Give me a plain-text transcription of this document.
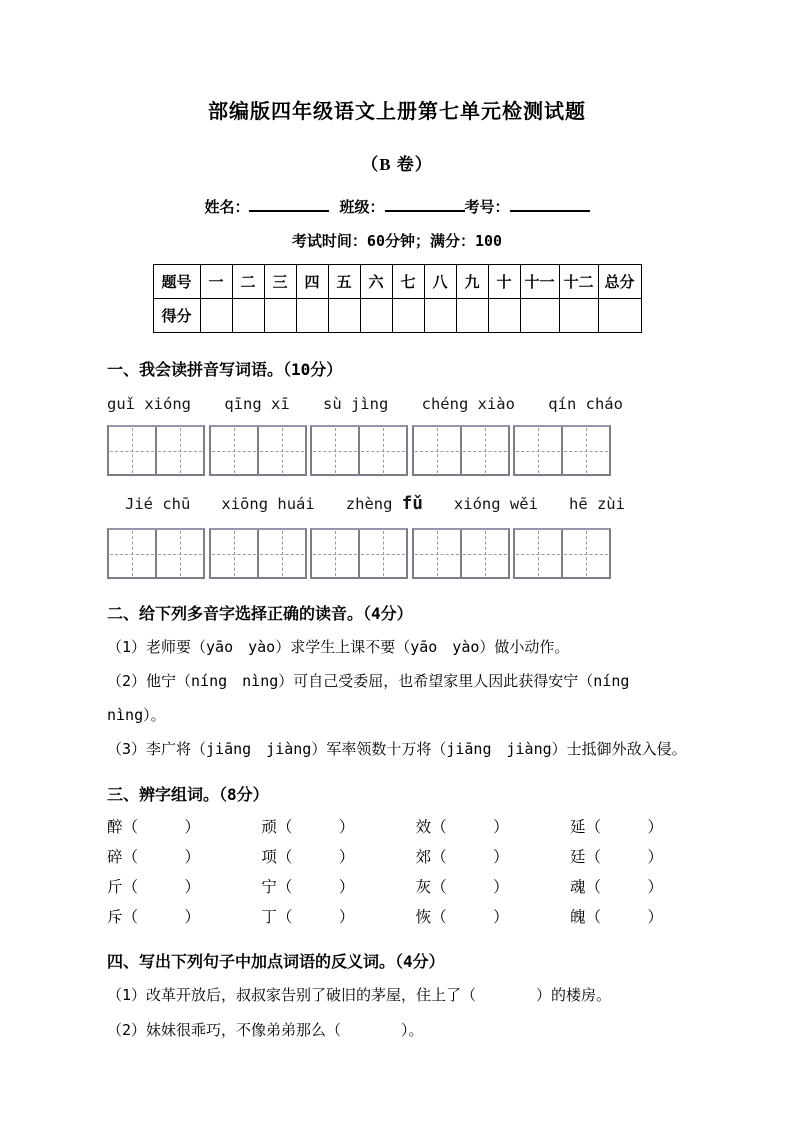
部编版四年级语文上册第七单元检测试题
（B 卷）
姓名：	班级：	考号：
考试时间：60分钟；满分：100
题号	一	二	三	四	五	六	七	八	九	十	十一	十二	总分
得分													
一、我会读拼音写词语。（10分）
guǐ xióng qīng xī sù jìng chéng xiào qín cháo
Jié chū xiōng huái zhèng fǔ xióng wěi hē zùi
二、给下列多音字选择正确的读音。（4分）

（1）老师要（yāo　yào）求学生上课不要（yāo　yào）做小动作。

（2）他宁（níng　nìng）可自己受委屈，也希望家里人因此获得安宁（níng　nìng）。

（3）李广将（jiāng　jiàng）军率领数十万将（jiāng　jiàng）士抵御外敌入侵。

三、辨字组词。（8分）
醉（　　　）	顽（　　　）	效（　　　）	延（　　　）
碎（　　　）	项（　　　）	郊（　　　）	廷（　　　）
斤（　　　）	宁（　　　）	灰（　　　）	魂（　　　）
斥（　　　）	丁（　　　）	恢（　　　）	魄（　　　）
四、写出下列句子中加点词语的反义词。（4分）

（1）改革开放后，叔叔家告别了破旧的茅屋，住上了（　　　　）的楼房。

（2）妹妹很乖巧，不像弟弟那么（　　　　）。
